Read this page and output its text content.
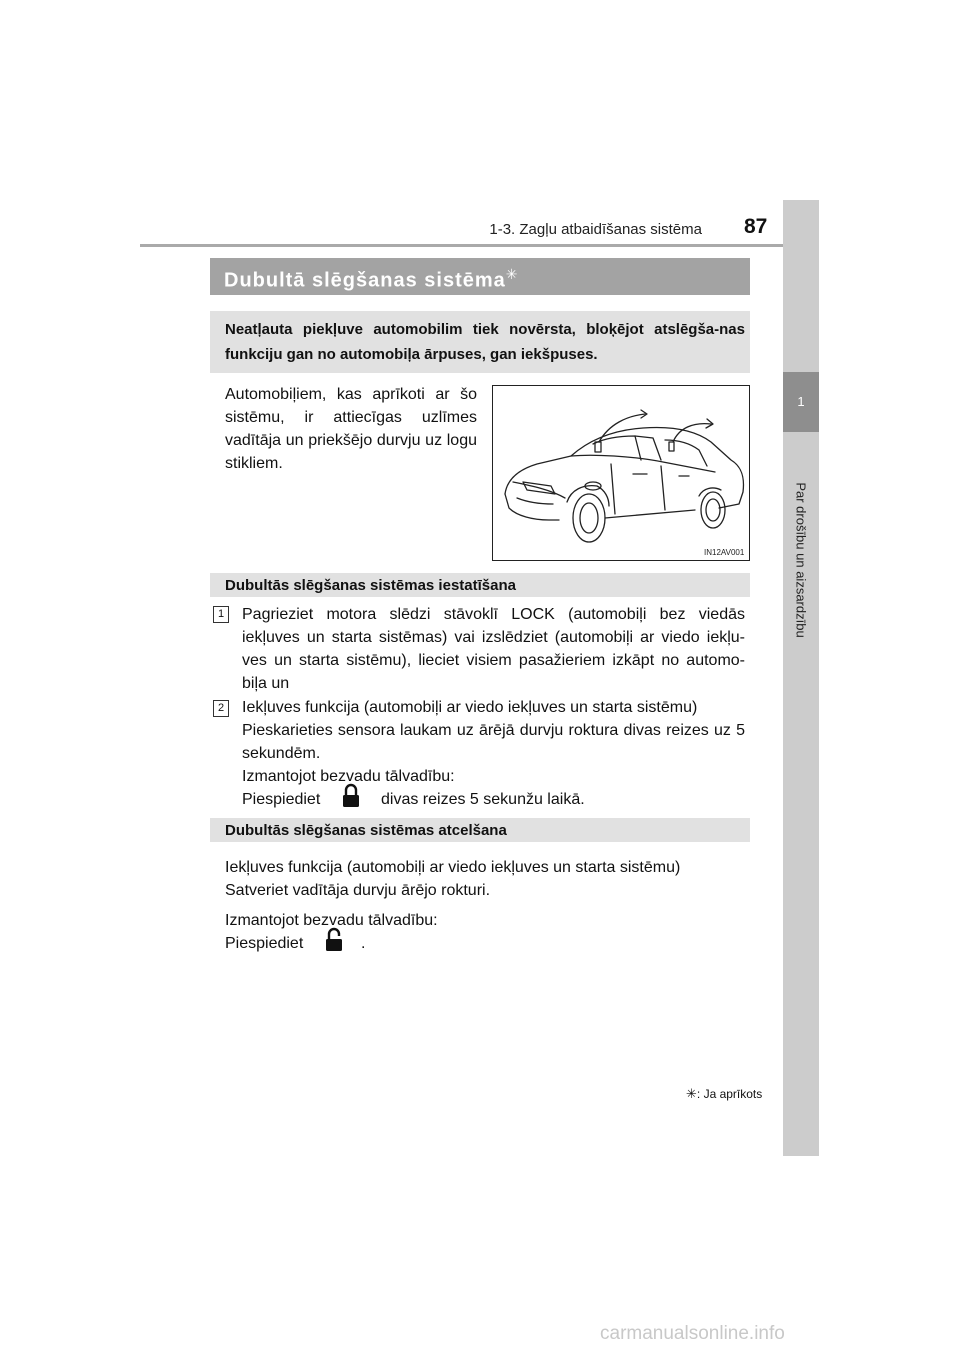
1-3. Zagļu atbaidīšanas sistēma 87
1
Par drošību un aizsardzību
Dubultā slēgšanas sistēma✳
Neatļauta piekļuve automobilim tiek novērsta, bloķējot atslēgša-nas funkciju gan no automobiļa ārpuses, gan iekšpuses.
Automobiļiem, kas aprīkoti ar šo sistēmu, ir attiecīgas uzlīmes vadītāja un priekšējo durvju uz logu stikliem.
IN12AV001
Dubultās slēgšanas sistēmas iestatīšana
1	Pagrieziet motora slēdzi stāvoklī LOCK (automobiļi bez viedās iekļuves un starta sistēmas) vai izslēdziet (automobiļi ar viedo iekļu-ves un starta sistēmu), lieciet visiem pasažieriem izkāpt no automo-biļa un
2	Iekļuves funkcija (automobiļi ar viedo iekļuves un starta sistēmu)
Pieskarieties sensora laukam uz ārējā durvju roktura divas reizes uz 5 sekundēm.
Izmantojot bezvadu tālvadību:
Piespiediet	divas reizes 5 sekunžu laikā.
Dubultās slēgšanas sistēmas atcelšana
Iekļuves funkcija (automobiļi ar viedo iekļuves un starta sistēmu)
Satveriet vadītāja durvju ārējo rokturi.
Izmantojot bezvadu tālvadību:
Piespiediet	.
✳: Ja aprīkots
carmanualsonline.info
